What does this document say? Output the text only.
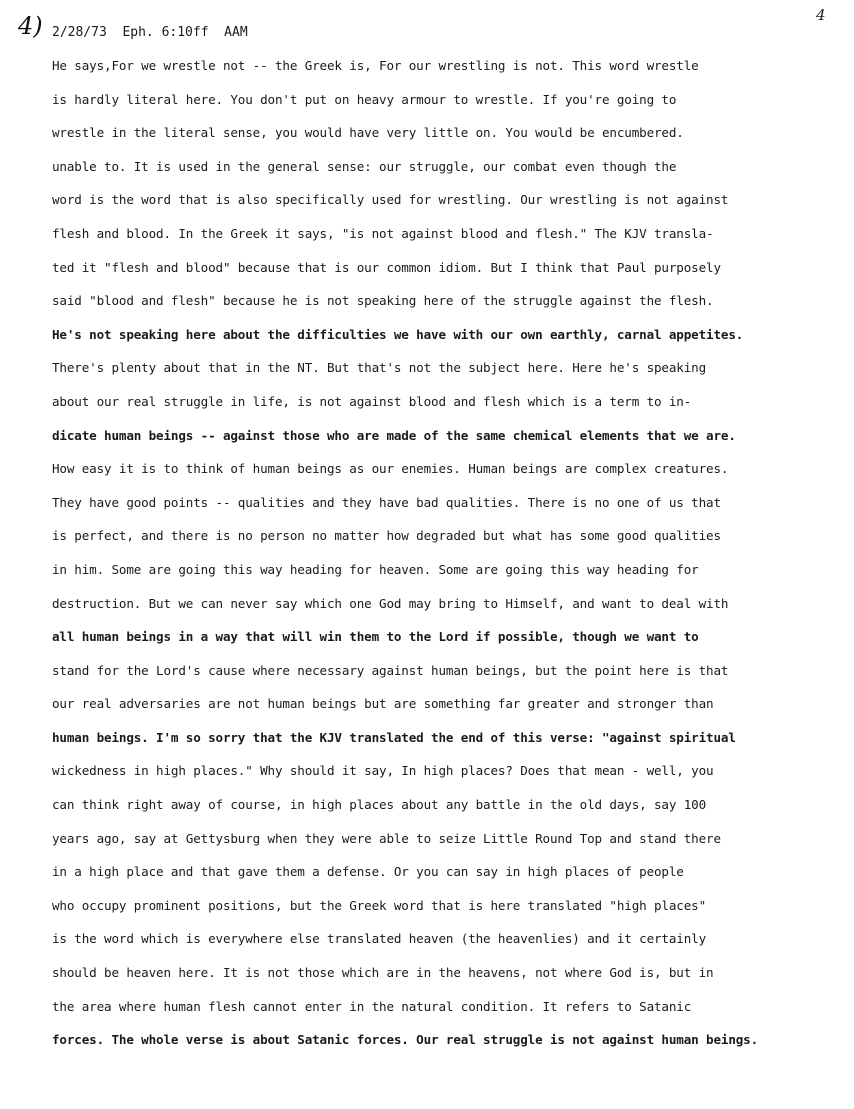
4)	4
2/28/73  Eph. 6:10ff  AAM
He says,For we wrestle not -- the Greek is, For our wrestling is not. This word wrestle
is hardly literal here. You don't put on heavy armour to wrestle. If you're going to
wrestle in the literal sense, you would have very little on. You would be encumbered.
unable to. It is used in the general sense: our struggle, our combat even though the
word is the word that is also specifically used for wrestling. Our wrestling is not against
flesh and blood. In the Greek it says, "is not against blood and flesh." The KJV transla-
ted it "flesh and blood" because that is our common idiom. But I think that Paul purposely
said "blood and flesh" because he is not speaking here of the struggle against the flesh.
He's not speaking here about the difficulties we have with our own earthly, carnal appetites.
There's plenty about that in the NT. But that's not the subject here. Here he's speaking
about our real struggle in life, is not against blood and flesh which is a term to in-
dicate human beings -- against those who are made of the same chemical elements that we are.
How easy it is to think of human beings as our enemies. Human beings are complex creatures.
They have good points -- qualities and they have bad qualities. There is no one of us that
is perfect, and there is no person no matter how degraded but what has some good qualities
in him. Some are going this way heading for heaven. Some are going this way heading for
destruction. But we can never say which one God may bring to Himself, and want to deal with
all human beings in a way that will win them to the Lord if possible, though we want to
stand for the Lord's cause where necessary against human beings, but the point here is that
our real adversaries are not human beings but are something far greater and stronger than
human beings. I'm so sorry that the KJV translated the end of this verse: "against spiritual
wickedness in high places." Why should it say, In high places? Does that mean - well, you
can think right away of course, in high places about any battle in the old days, say 100
years ago, say at Gettysburg when they were able to seize Little Round Top and stand there
in a high place and that gave them a defense. Or you can say in high places of people
who occupy prominent positions, but the Greek word that is here translated "high places"
is the word which is everywhere else translated heaven (the heavenlies) and it certainly
should be heaven here. It is not those which are in the heavens, not where God is, but in
the area where human flesh cannot enter in the natural condition. It refers to Satanic
forces. The whole verse is about Satanic forces. Our real struggle is not against human beings.
